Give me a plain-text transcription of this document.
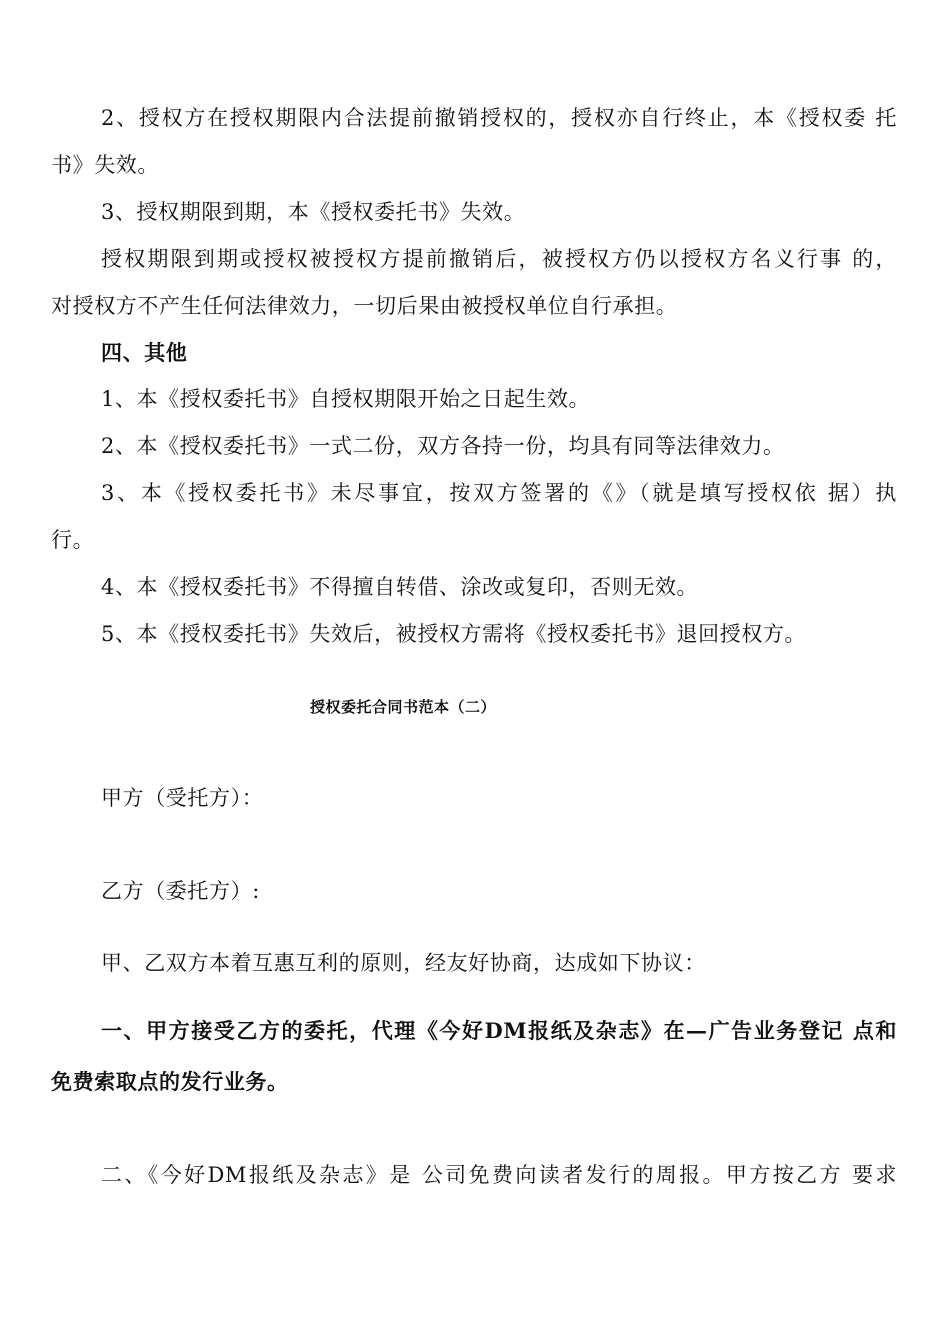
2、授权方在授权期限内合法提前撤销授权的，授权亦自行终止，本《授权委 托

书》失效。

3、授权期限到期，本《授权委托书》失效。

授权期限到期或授权被授权方提前撤销后，被授权方仍以授权方名义行事 的，

对授权方不产生任何法律效力，一切后果由被授权单位自行承担。

四、其他

1、本《授权委托书》自授权期限开始之日起生效。

2、本《授权委托书》一式二份，双方各持一份，均具有同等法律效力。

3、本《授权委托书》未尽事宜，按双方签署的《》（就是填写授权依 据）执

行。

4、本《授权委托书》不得擅自转借、涂改或复印，否则无效。

5、本《授权委托书》失效后，被授权方需将《授权委托书》退回授权方。

授权委托合同书范本（二）

甲方（受托方）：

乙方（委托方）:

甲、乙双方本着互惠互利的原则，经友好协商，达成如下协议：

一、甲方接受乙方的委托，代理《今好DM报纸及杂志》在—广告业务登记 点和

免费索取点的发行业务。

二、《今好DM报纸及杂志》是 公司免费向读者发行的周报。甲方按乙方 要求
